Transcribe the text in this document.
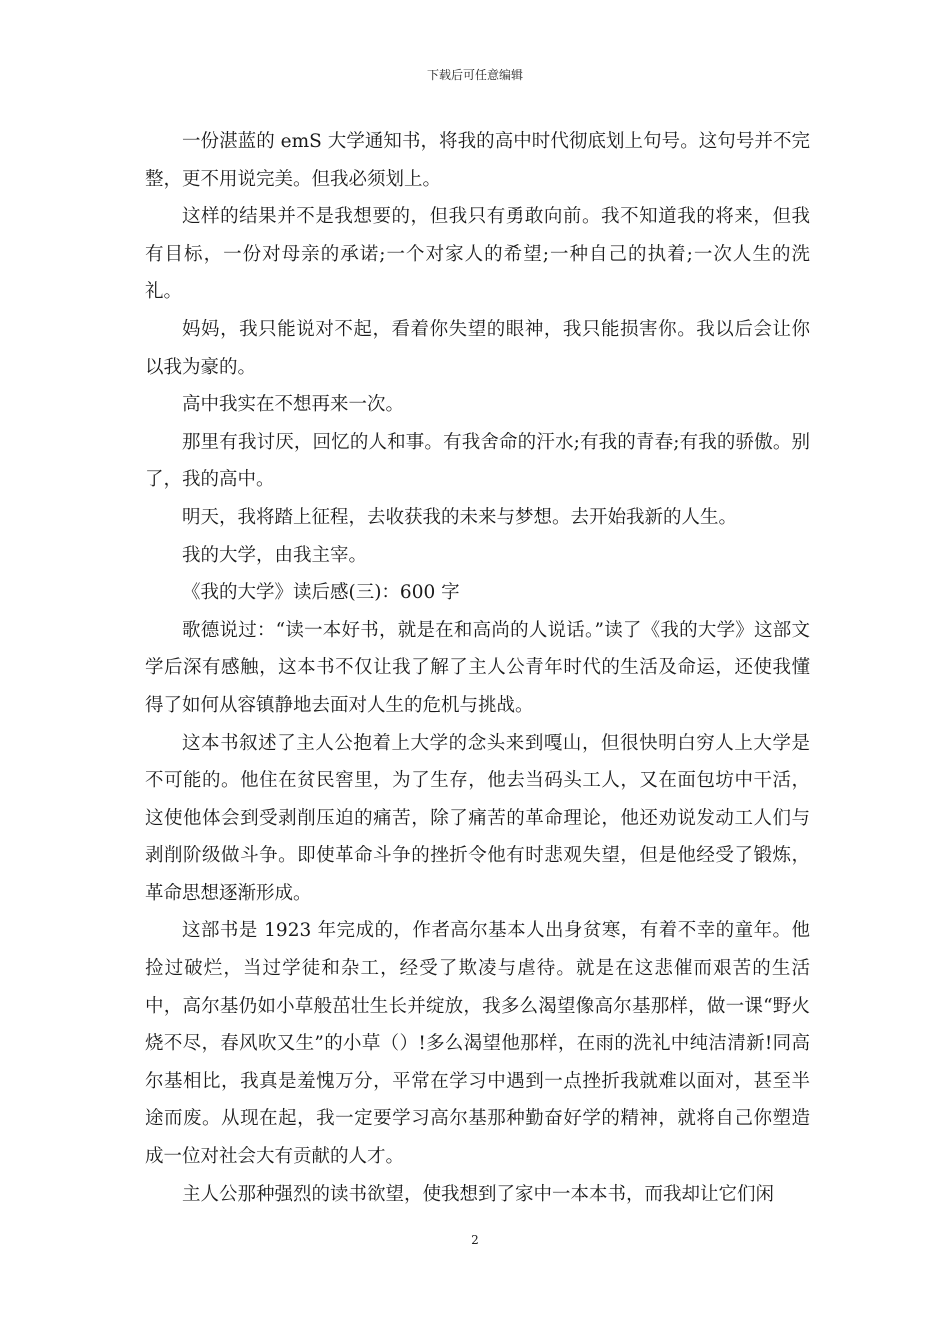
下载后可任意编辑

一份湛蓝的 emS 大学通知书，将我的高中时代彻底划上句号。这句号并不完整，更不用说完美。但我必须划上。

这样的结果并不是我想要的，但我只有勇敢向前。我不知道我的将来，但我有目标，一份对母亲的承诺;一个对家人的希望;一种自己的执着;一次人生的洗礼。

妈妈，我只能说对不起，看着你失望的眼神，我只能损害你。我以后会让你以我为豪的。

高中我实在不想再来一次。

那里有我讨厌，回忆的人和事。有我舍命的汗水;有我的青春;有我的骄傲。别了，我的高中。

明天，我将踏上征程，去收获我的未来与梦想。去开始我新的人生。

我的大学，由我主宰。

《我的大学》读后感(三)：600 字

歌德说过：“读一本好书，就是在和高尚的人说话。”读了《我的大学》这部文学后深有感触，这本书不仅让我了解了主人公青年时代的生活及命运，还使我懂得了如何从容镇静地去面对人生的危机与挑战。

这本书叙述了主人公抱着上大学的念头来到嘎山，但很快明白穷人上大学是不可能的。他住在贫民窖里，为了生存，他去当码头工人，又在面包坊中干活，这使他体会到受剥削压迫的痛苦，除了痛苦的革命理论，他还劝说发动工人们与剥削阶级做斗争。即使革命斗争的挫折令他有时悲观失望，但是他经受了锻炼，革命思想逐渐形成。

这部书是 1923 年完成的，作者高尔基本人出身贫寒，有着不幸的童年。他捡过破烂，当过学徒和杂工，经受了欺凌与虐待。就是在这悲催而艰苦的生活中，高尔基仍如小草般茁壮生长并绽放，我多么渴望像高尔基那样，做一课“野火烧不尽，春风吹又生”的小草（）!多么渴望他那样，在雨的洗礼中纯洁清新!同高尔基相比，我真是羞愧万分，平常在学习中遇到一点挫折我就难以面对，甚至半途而废。从现在起，我一定要学习高尔基那种勤奋好学的精神，就将自己你塑造成一位对社会大有贡献的人才。

主人公那种强烈的读书欲望，使我想到了家中一本本书，而我却让它们闲

2
